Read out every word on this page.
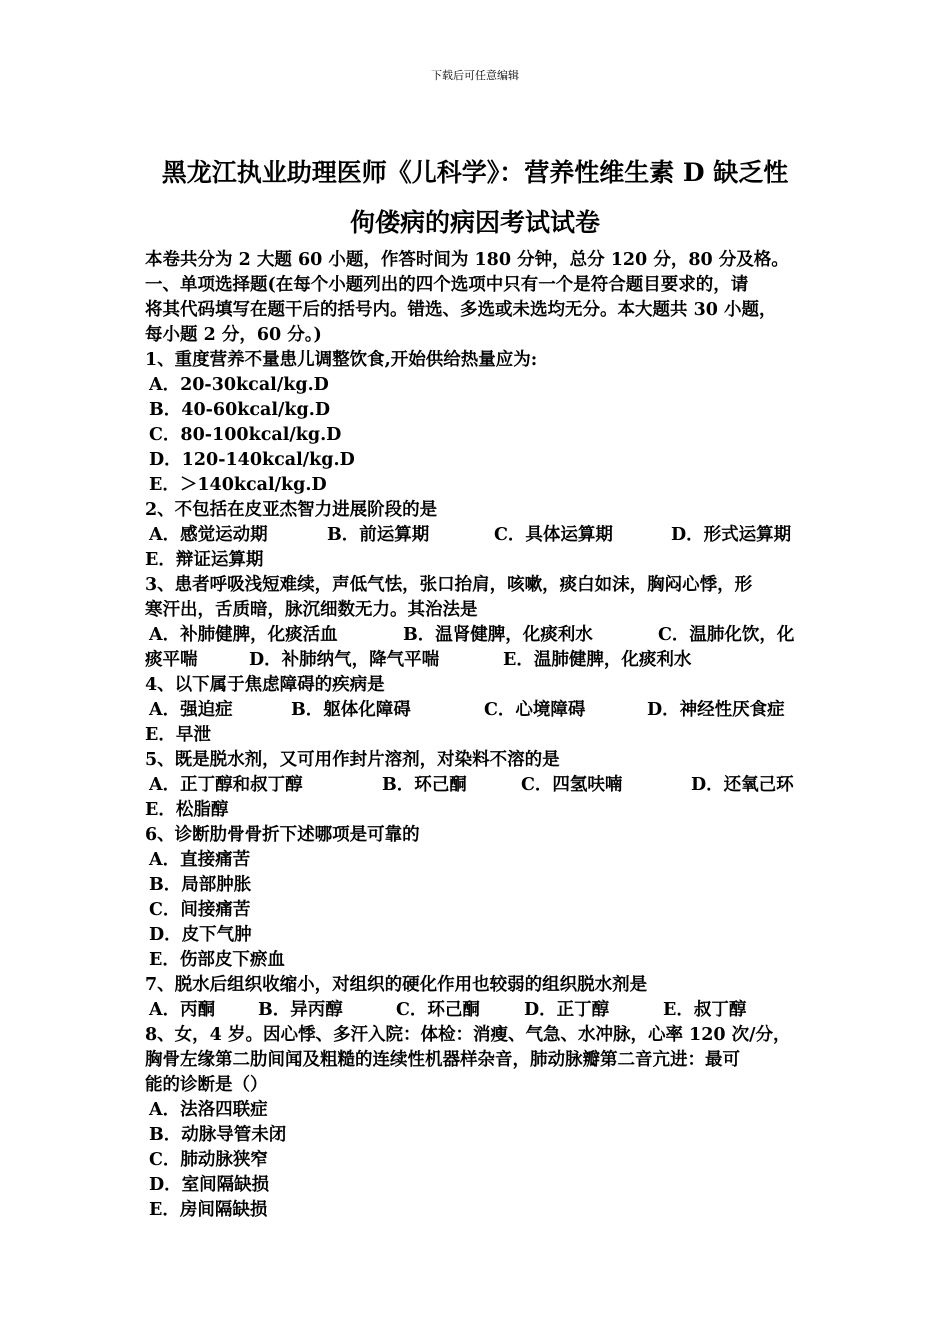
下载后可任意编辑
黑龙江执业助理医师《儿科学》：营养性维生素 D 缺乏性
佝偻病的病因考试试卷
本卷共分为 2 大题 60 小题，作答时间为 180 分钟，总分 120 分，80 分及格。
一、单项选择题(在每个小题列出的四个选项中只有一个是符合题目要求的，请
将其代码填写在题干后的括号内。错选、多选或未选均无分。本大题共 30 小题，
每小题 2 分，60 分。)
1、重度营养不量患儿调整饮食,开始供给热量应为:
A．20-30kcal/kg.D
B．40-60kcal/kg.D
C．80-100kcal/kg.D
D．120-140kcal/kg.D
E．＞140kcal/kg.D
2、不包括在皮亚杰智力进展阶段的是
A．感觉运动期	B．前运算期	C．具体运算期	D．形式运算期
E．辩证运算期
3、患者呼吸浅短难续，声低气怯，张口抬肩，咳嗽，痰白如沫，胸闷心悸，形
寒汗出，舌质暗，脉沉细数无力。其治法是
A．补肺健脾，化痰活血	B．温肾健脾，化痰利水	C．温肺化饮，化
痰平喘	D．补肺纳气，降气平喘	E．温肺健脾，化痰利水
4、以下属于焦虑障碍的疾病是
A．强迫症	B．躯体化障碍	C．心境障碍	D．神经性厌食症
E．早泄
5、既是脱水剂，又可用作封片溶剂，对染料不溶的是
A．正丁醇和叔丁醇	B．环己酮	C．四氢呋喃	D．还氧己环
E．松脂醇
6、诊断肋骨骨折下述哪项是可靠的
A．直接痛苦
B．局部肿胀
C．间接痛苦
D．皮下气肿
E．伤部皮下瘀血
7、脱水后组织收缩小，对组织的硬化作用也较弱的组织脱水剂是
A．丙酮	B．异丙醇	C．环己酮	D．正丁醇	E．叔丁醇
8、女，4 岁。因心悸、多汗入院：体检：消瘦、气急、水冲脉，心率 120 次/分，
胸骨左缘第二肋间闻及粗糙的连续性机器样杂音，肺动脉瓣第二音亢进：最可
能的诊断是（）
A．法洛四联症
B．动脉导管未闭
C．肺动脉狭窄
D．室间隔缺损
E．房间隔缺损
